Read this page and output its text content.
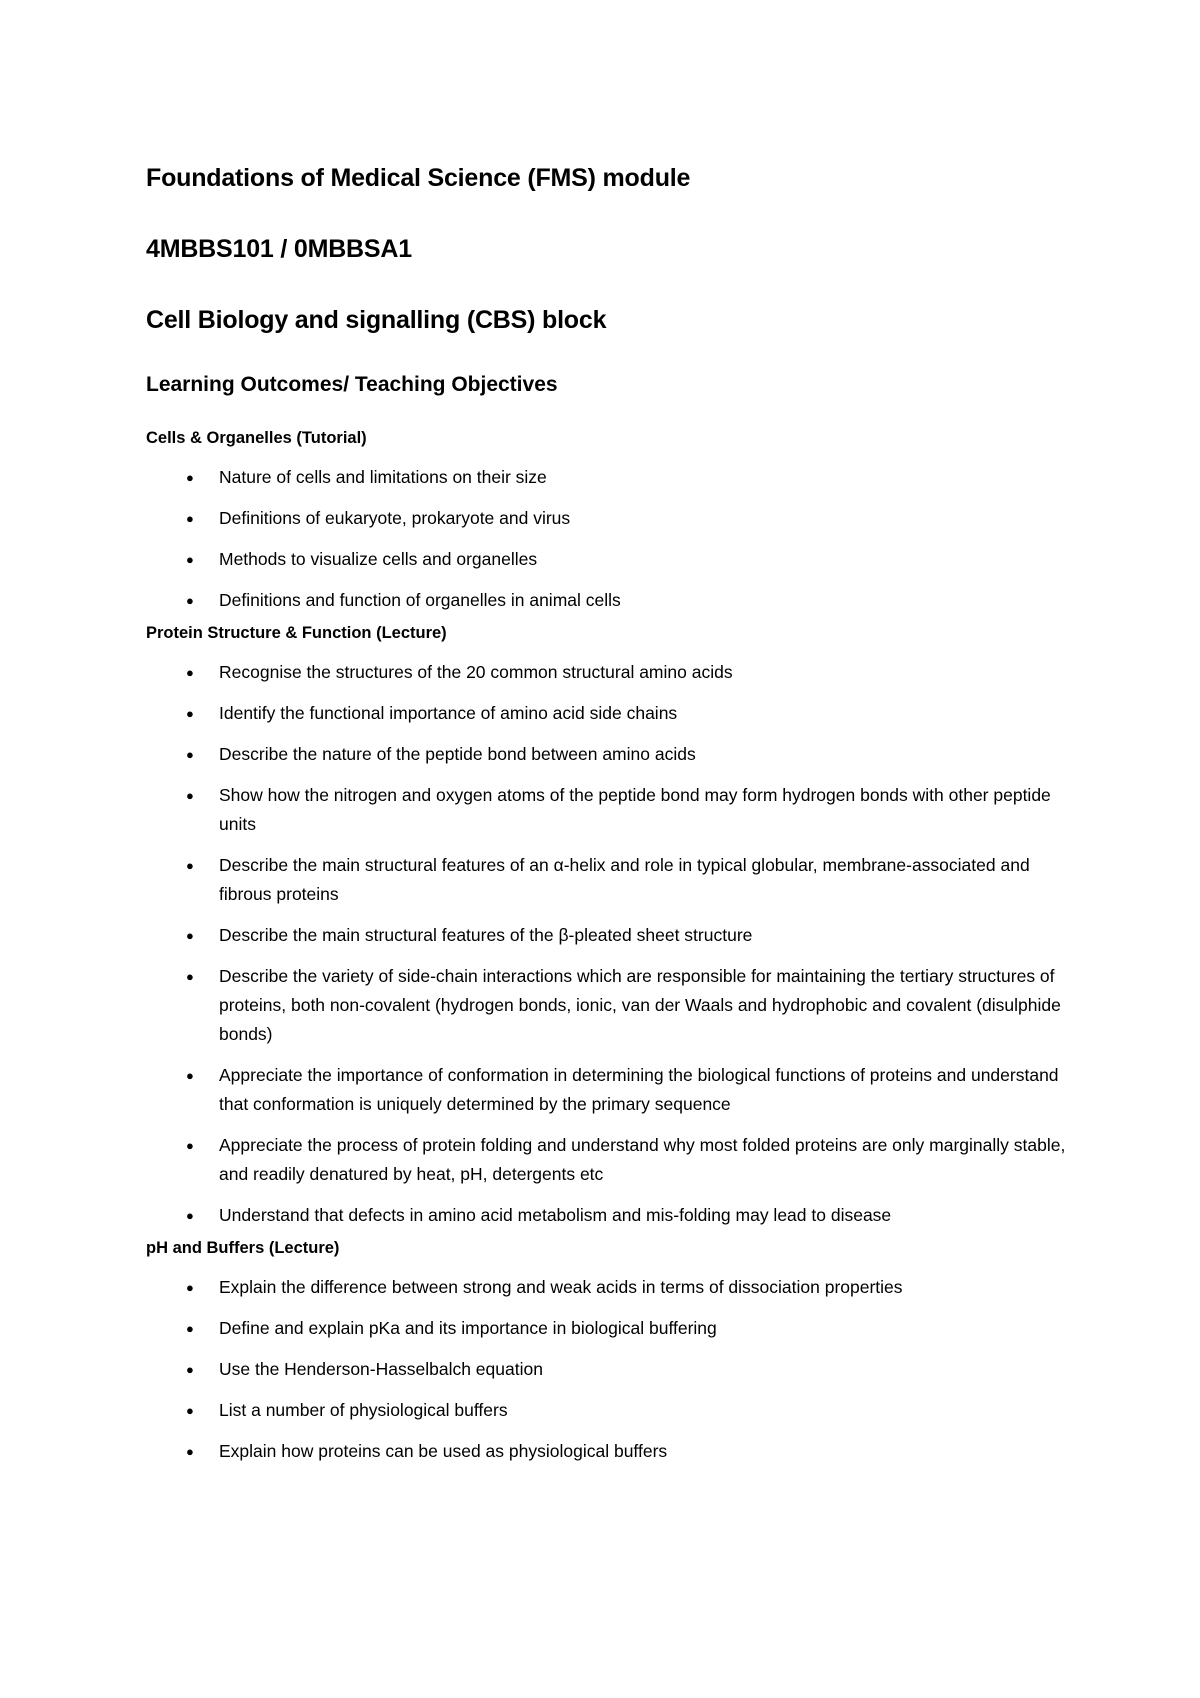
Foundations of Medical Science (FMS) module
4MBBS101 / 0MBBSA1
Cell Biology and signalling (CBS) block
Learning Outcomes/ Teaching Objectives
Cells & Organelles (Tutorial)
● Nature of cells and limitations on their size
● Definitions of eukaryote, prokaryote and virus
● Methods to visualize cells and organelles
● Definitions and function of organelles in animal cells
Protein Structure & Function (Lecture)
● Recognise the structures of the 20 common structural amino acids
● Identify the functional importance of amino acid side chains
● Describe the nature of the peptide bond between amino acids
● Show how the nitrogen and oxygen atoms of the peptide bond may form hydrogen bonds with other peptide units
● Describe the main structural features of an α-helix and role in typical globular, membrane-associated and fibrous proteins
● Describe the main structural features of the β-pleated sheet structure
● Describe the variety of side-chain interactions which are responsible for maintaining the tertiary structures of proteins, both non-covalent (hydrogen bonds, ionic, van der Waals and hydrophobic and covalent (disulphide bonds)
● Appreciate the importance of conformation in determining the biological functions of proteins and understand that conformation is uniquely determined by the primary sequence
● Appreciate the process of protein folding and understand why most folded proteins are only marginally stable, and readily denatured by heat, pH, detergents etc
● Understand that defects in amino acid metabolism and mis-folding may lead to disease
pH and Buffers (Lecture)
● Explain the difference between strong and weak acids in terms of dissociation properties
● Define and explain pKa and its importance in biological buffering
● Use the Henderson-Hasselbalch equation
● List a number of physiological buffers
● Explain how proteins can be used as physiological buffers
